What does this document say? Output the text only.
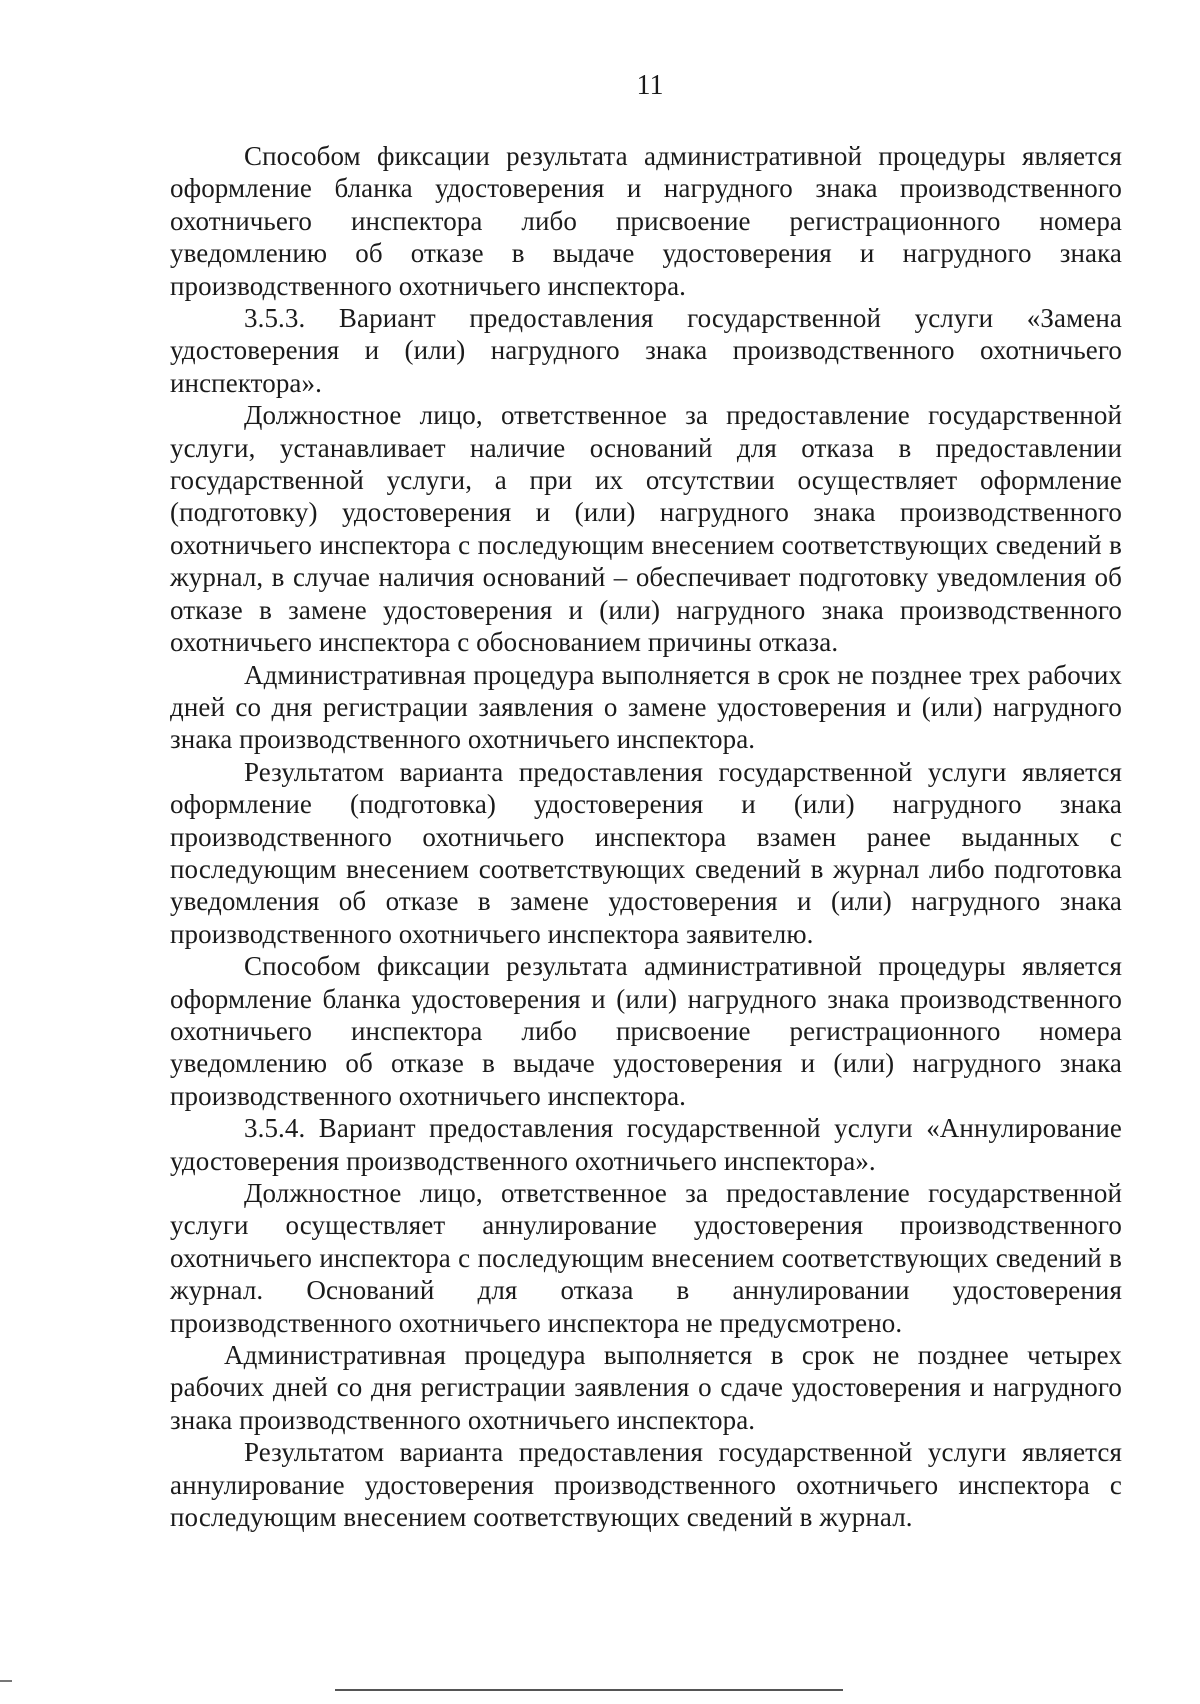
11

Способом фиксации результата административной процедуры является оформление бланка удостоверения и нагрудного знака производственного охотничьего инспектора либо присвоение регистрационного номера уведомлению об отказе в выдаче удостоверения и нагрудного знака производственного охотничьего инспектора.

3.5.3. Вариант предоставления государственной услуги «Замена удостоверения и (или) нагрудного знака производственного охотничьего инспектора».

Должностное лицо, ответственное за предоставление государственной услуги, устанавливает наличие оснований для отказа в предоставлении государственной услуги, а при их отсутствии осуществляет оформление (подготовку) удостоверения и (или) нагрудного знака производственного охотничьего инспектора с последующим внесением соответствующих сведений в журнал, в случае наличия оснований – обеспечивает подготовку уведомления об отказе в замене удостоверения и (или) нагрудного знака производственного охотничьего инспектора с обоснованием причины отказа.

Административная процедура выполняется в срок не позднее трех рабочих дней со дня регистрации заявления о замене удостоверения и (или) нагрудного знака производственного охотничьего инспектора.

Результатом варианта предоставления государственной услуги является оформление (подготовка) удостоверения и (или) нагрудного знака производственного охотничьего инспектора взамен ранее выданных с последующим внесением соответствующих сведений в журнал либо подготовка уведомления об отказе в замене удостоверения и (или) нагрудного знака производственного охотничьего инспектора заявителю.

Способом фиксации результата административной процедуры является оформление бланка удостоверения и (или) нагрудного знака производственного охотничьего инспектора либо присвоение регистрационного номера уведомлению об отказе в выдаче удостоверения и (или) нагрудного знака производственного охотничьего инспектора.

3.5.4. Вариант предоставления государственной услуги «Аннулирование удостоверения производственного охотничьего инспектора».

Должностное лицо, ответственное за предоставление государственной услуги осуществляет аннулирование удостоверения производственного охотничьего инспектора с последующим внесением соответствующих сведений в журнал. Оснований для отказа в аннулировании удостоверения производственного охотничьего инспектора не предусмотрено.

Административная процедура выполняется в срок не позднее четырех рабочих дней со дня регистрации заявления о сдаче удостоверения и нагрудного знака производственного охотничьего инспектора.

Результатом варианта предоставления государственной услуги является аннулирование удостоверения производственного охотничьего инспектора с последующим внесением соответствующих сведений в журнал.
